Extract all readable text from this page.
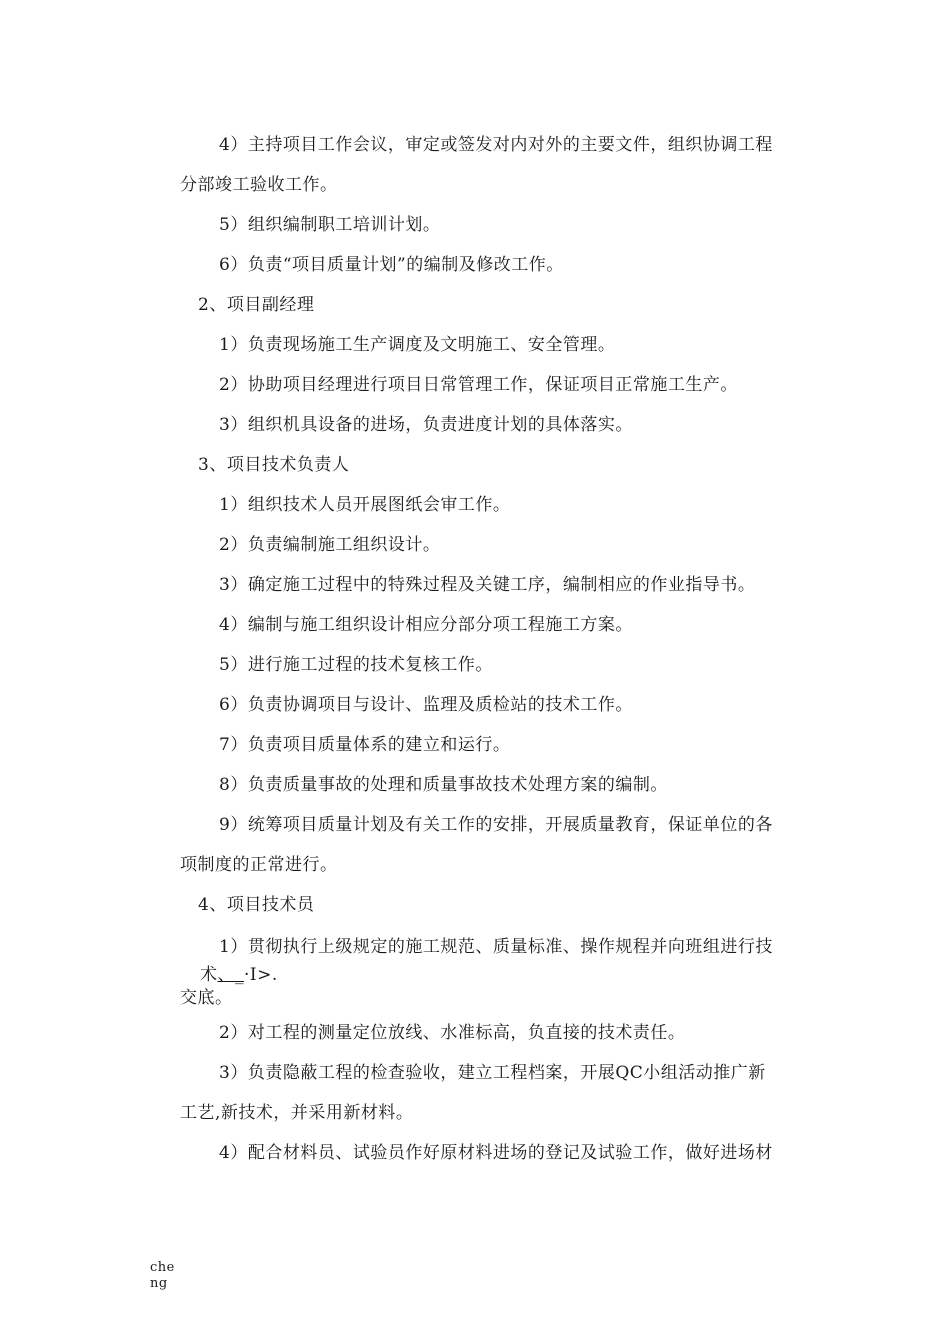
4）主持项目工作会议，审定或签发对内对外的主要文件，组织协调工程
分部竣工验收工作。
5）组织编制职工培训计划。
6）负责“项目质量计划”的编制及修改工作。
2、项目副经理
1）负责现场施工生产调度及文明施工、安全管理。
2）协助项目经理进行项目日常管理工作，保证项目正常施工生产。
3）组织机具设备的进场，负责进度计划的具体落实。
3、项目技术负责人
1）组织技术人员开展图纸会审工作。
2）负责编制施工组织设计。
3）确定施工过程中的特殊过程及关键工序，编制相应的作业指导书。
4）编制与施工组织设计相应分部分项工程施工方案。
5）进行施工过程的技术复核工作。
6）负责协调项目与设计、监理及质检站的技术工作。
7）负责项目质量体系的建立和运行。
8）负责质量事故的处理和质量事故技术处理方案的编制。
9）统筹项目质量计划及有关工作的安排，开展质量教育，保证单位的各
项制度的正常进行。
4、项目技术员
1）贯彻执行上级规定的施工规范、质量标准、操作规程并向班组进行技
术、_·I>.
交底。
2）对工程的测量定位放线、水准标高，负直接的技术责任。
3）负责隐蔽工程的检查验收，建立工程档案，开展QC小组活动推广新
工艺,新技术，并采用新材料。
4）配合材料员、试验员作好原材料进场的登记及试验工作，做好进场材
che
ng
